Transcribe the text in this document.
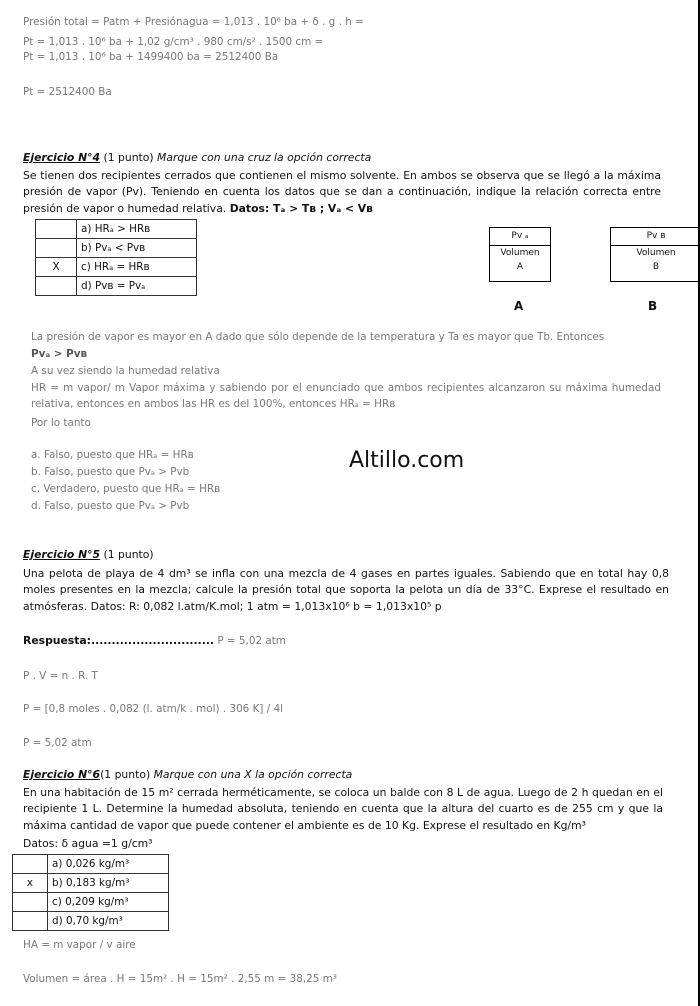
Presión total = Patm + Presiónagua = 1,013 . 10⁶ ba + δ . g . h =
Pt = 1,013 . 10⁶ ba + 1,02 g/cm³ . 980 cm/s² . 1500 cm =
Pt = 1,013 . 10⁶ ba + 1499400 ba = 2512400 Ba
Pt = 2512400 Ba
Ejercicio N°4 (1 punto) Marque con una cruz la opción correcta
Se tienen dos recipientes cerrados que contienen el mismo solvente. En ambos se observa que se llegó a la máxima presión de vapor (Pv). Teniendo en cuenta los datos que se dan a continuación, indique la relación correcta entre presión de vapor o humedad relativa. Datos: Tₐ > Tʙ ; Vₐ < Vʙ
	a) HRₐ > HRʙ
	b) Pvₐ < Pvʙ
X	c) HRₐ = HRʙ
	d) Pvʙ = Pvₐ
Pv ₐ
Volumen
A
A
Pv ʙ
Volumen
B
B
La presión de vapor es mayor en A dado que sólo depende de la temperatura y Ta es mayor que Tb. Entonces
Pvₐ > Pvʙ
A su vez siendo la humedad relativa
HR = m vapor/ m Vapor máxima y sabiendo por el enunciado que ambos recipientes alcanzaron su máxima humedad relativa, entonces en ambos las HR es del 100%, entonces HRₐ = HRʙ
Por lo tanto
a. Falso, puesto que HRₐ = HRʙ
b. Falso, puesto que Pvₐ > Pvb
c. Verdadero, puesto que HRₐ = HRʙ
d. Falso, puesto que Pvₐ > Pvb
Altillo.com
Ejercicio N°5 (1 punto)
Una pelota de playa de 4 dm³ se infla con una mezcla de 4 gases en partes iguales. Sabiendo que en total hay 0,8 moles presentes en la mezcla; calcule la presión total que soporta la pelota un día de 33°C. Exprese el resultado en atmósferas. Datos: R: 0,082 l.atm/K.mol; 1 atm = 1,013x10⁶ b = 1,013x10⁵ p
Respuesta:.............................. P = 5,02 atm
P . V = n . R. T
P = [0,8 moles . 0,082 (l. atm/k . mol) . 306 K] / 4l
P = 5,02 atm
Ejercicio N°6(1 punto) Marque con una X la opción correcta
En una habitación de 15 m² cerrada herméticamente, se coloca un balde con 8 L de agua. Luego de 2 h quedan en el recipiente 1 L. Determine la humedad absoluta, teniendo en cuenta que la altura del cuarto es de 255 cm y que la máxima cantidad de vapor que puede contener el ambiente es de 10 Kg. Exprese el resultado en Kg/m³
Datos: δ agua =1 g/cm³
	a) 0,026 kg/m³
x	b) 0,183 kg/m³
	c) 0,209 kg/m³
	d) 0,70 kg/m³
HA = m vapor / v aire
Volumen = área . H = 15m² . H = 15m² . 2,55 m = 38,25 m³
